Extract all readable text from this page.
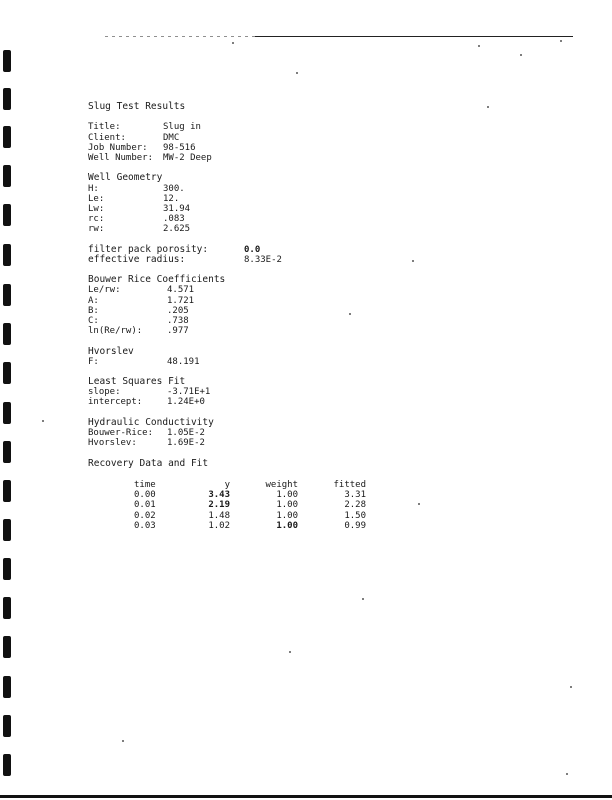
Slug Test Results
Title:	Slug in
Client:	DMC
Job Number: 98-516
Well Number: MW-2 Deep
Well Geometry
H:	300.
Le:	12.
Lw:	31.94
rc:	.083
rw:	2.625
filter pack porosity:	0.0
effective radius:	8.33E-2
Bouwer Rice Coefficients
Le/rw:	4.571
A:	1.721
B:	.205
C:	.738
ln(Re/rw):	.977
Hvorslev
F:	48.191
Least Squares Fit
slope:	-3.71E+1
intercept:	1.24E+0
Hydraulic Conductivity
Bouwer-Rice: 1.05E-2
Hvorslev:	1.69E-2
Recovery Data and Fit
time	y	weight	fitted
0.00	3.43	1.00	3.31
0.01	2.19	1.00	2.28
0.02	1.48	1.00	1.50
0.03	1.02	1.00	0.99
